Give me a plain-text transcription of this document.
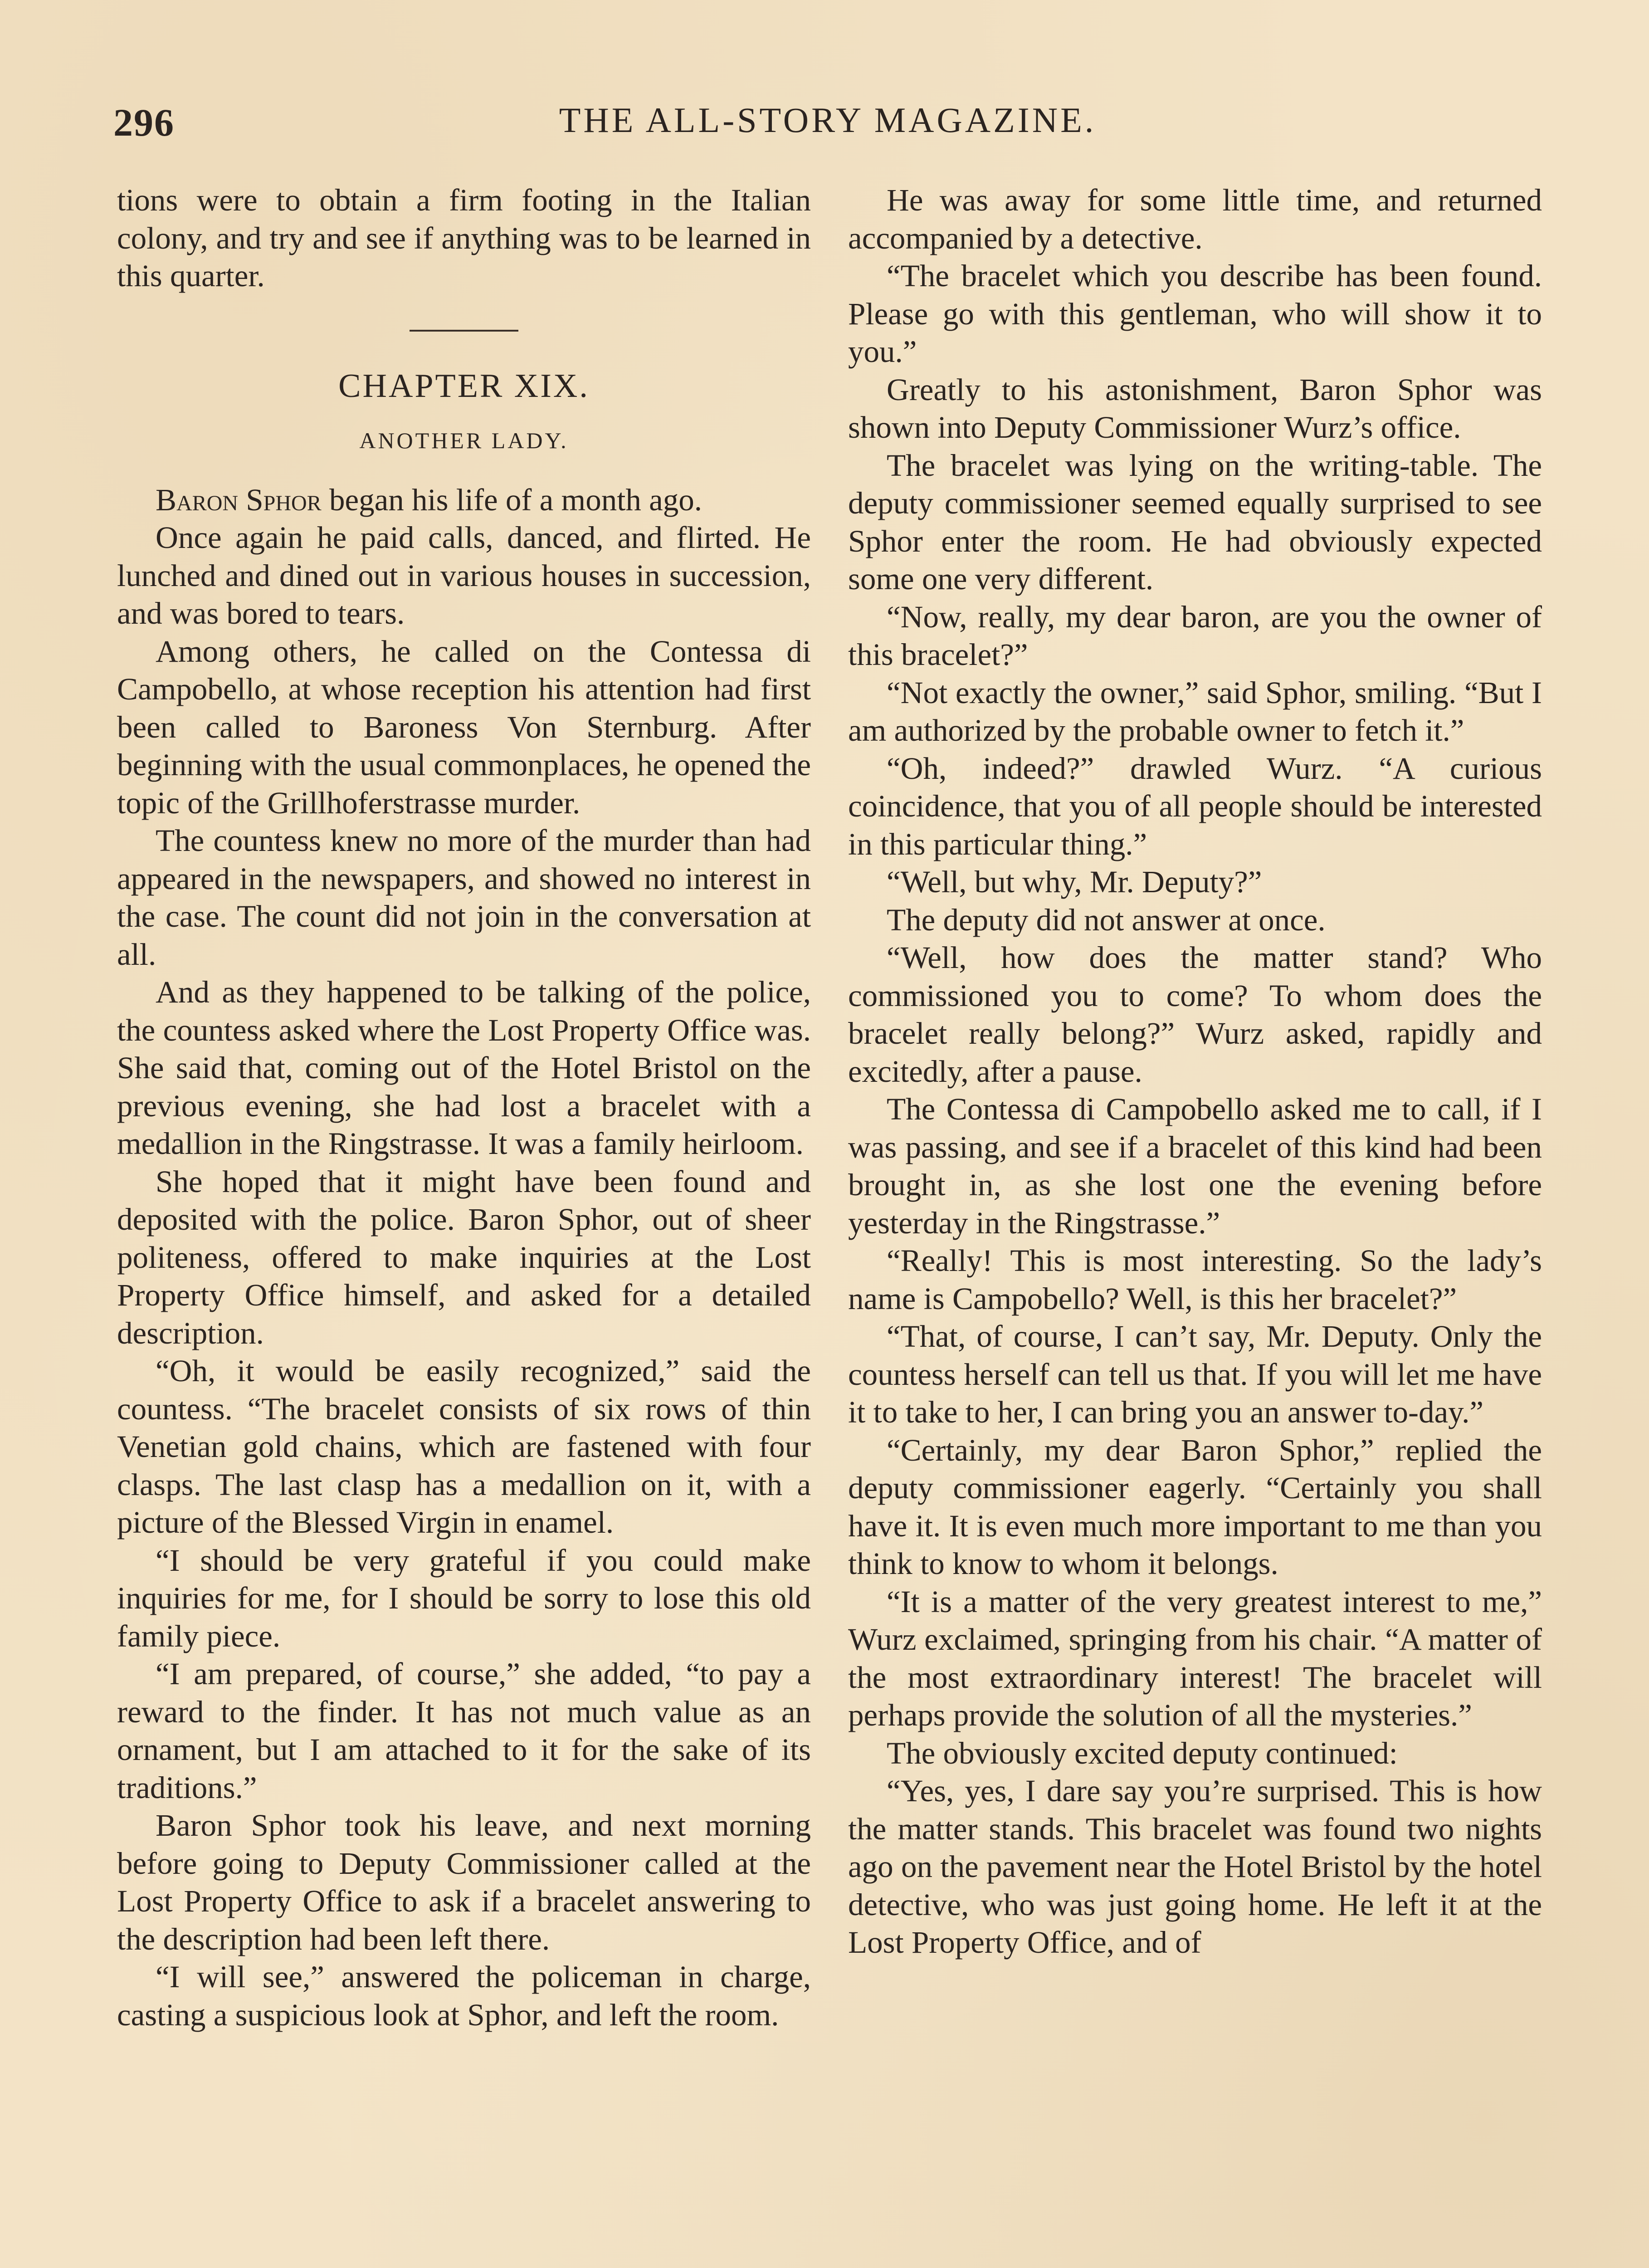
296	THE ALL-STORY MAGAZINE.

tions were to obtain a firm footing in the Italian colony, and try and see if anything was to be learned in this quarter.

CHAPTER XIX.
ANOTHER LADY.

Baron Sphor began his life of a month ago.

Once again he paid calls, danced, and flirted. He lunched and dined out in various houses in succession, and was bored to tears.

Among others, he called on the Contessa di Campobello, at whose reception his attention had first been called to Baroness Von Sternburg. After beginning with the usual commonplaces, he opened the topic of the Grillhoferstrasse murder.

The countess knew no more of the murder than had appeared in the newspapers, and showed no interest in the case. The count did not join in the conversation at all.

And as they happened to be talking of the police, the countess asked where the Lost Property Office was. She said that, coming out of the Hotel Bristol on the previous evening, she had lost a bracelet with a medallion in the Ringstrasse. It was a family heirloom.

She hoped that it might have been found and deposited with the police. Baron Sphor, out of sheer politeness, offered to make inquiries at the Lost Property Office himself, and asked for a detailed description.

“Oh, it would be easily recognized,” said the countess. “The bracelet consists of six rows of thin Venetian gold chains, which are fastened with four clasps. The last clasp has a medallion on it, with a picture of the Blessed Virgin in enamel.

“I should be very grateful if you could make inquiries for me, for I should be sorry to lose this old family piece.

“I am prepared, of course,” she added, “to pay a reward to the finder. It has not much value as an ornament, but I am attached to it for the sake of its traditions.”

Baron Sphor took his leave, and next morning before going to Deputy Commissioner called at the Lost Property Office to ask if a bracelet answering to the description had been left there.

“I will see,” answered the policeman in charge, casting a suspicious look at Sphor, and left the room.

He was away for some little time, and returned accompanied by a detective.

“The bracelet which you describe has been found. Please go with this gentleman, who will show it to you.”

Greatly to his astonishment, Baron Sphor was shown into Deputy Commissioner Wurz’s office.

The bracelet was lying on the writing-table. The deputy commissioner seemed equally surprised to see Sphor enter the room. He had obviously expected some one very different.

“Now, really, my dear baron, are you the owner of this bracelet?”

“Not exactly the owner,” said Sphor, smiling. “But I am authorized by the probable owner to fetch it.”

“Oh, indeed?” drawled Wurz. “A curious coincidence, that you of all people should be interested in this particular thing.”

“Well, but why, Mr. Deputy?”

The deputy did not answer at once.

“Well, how does the matter stand? Who commissioned you to come? To whom does the bracelet really belong?” Wurz asked, rapidly and excitedly, after a pause.

The Contessa di Campobello asked me to call, if I was passing, and see if a bracelet of this kind had been brought in, as she lost one the evening before yesterday in the Ringstrasse.”

“Really! This is most interesting. So the lady’s name is Campobello? Well, is this her bracelet?”

“That, of course, I can’t say, Mr. Deputy. Only the countess herself can tell us that. If you will let me have it to take to her, I can bring you an answer to-day.”

“Certainly, my dear Baron Sphor,” replied the deputy commissioner eagerly. “Certainly you shall have it. It is even much more important to me than you think to know to whom it belongs.

“It is a matter of the very greatest interest to me,” Wurz exclaimed, springing from his chair. “A matter of the most extraordinary interest! The bracelet will perhaps provide the solution of all the mysteries.”

The obviously excited deputy continued:

“Yes, yes, I dare say you’re surprised. This is how the matter stands. This bracelet was found two nights ago on the pavement near the Hotel Bristol by the hotel detective, who was just going home. He left it at the Lost Property Office, and of
